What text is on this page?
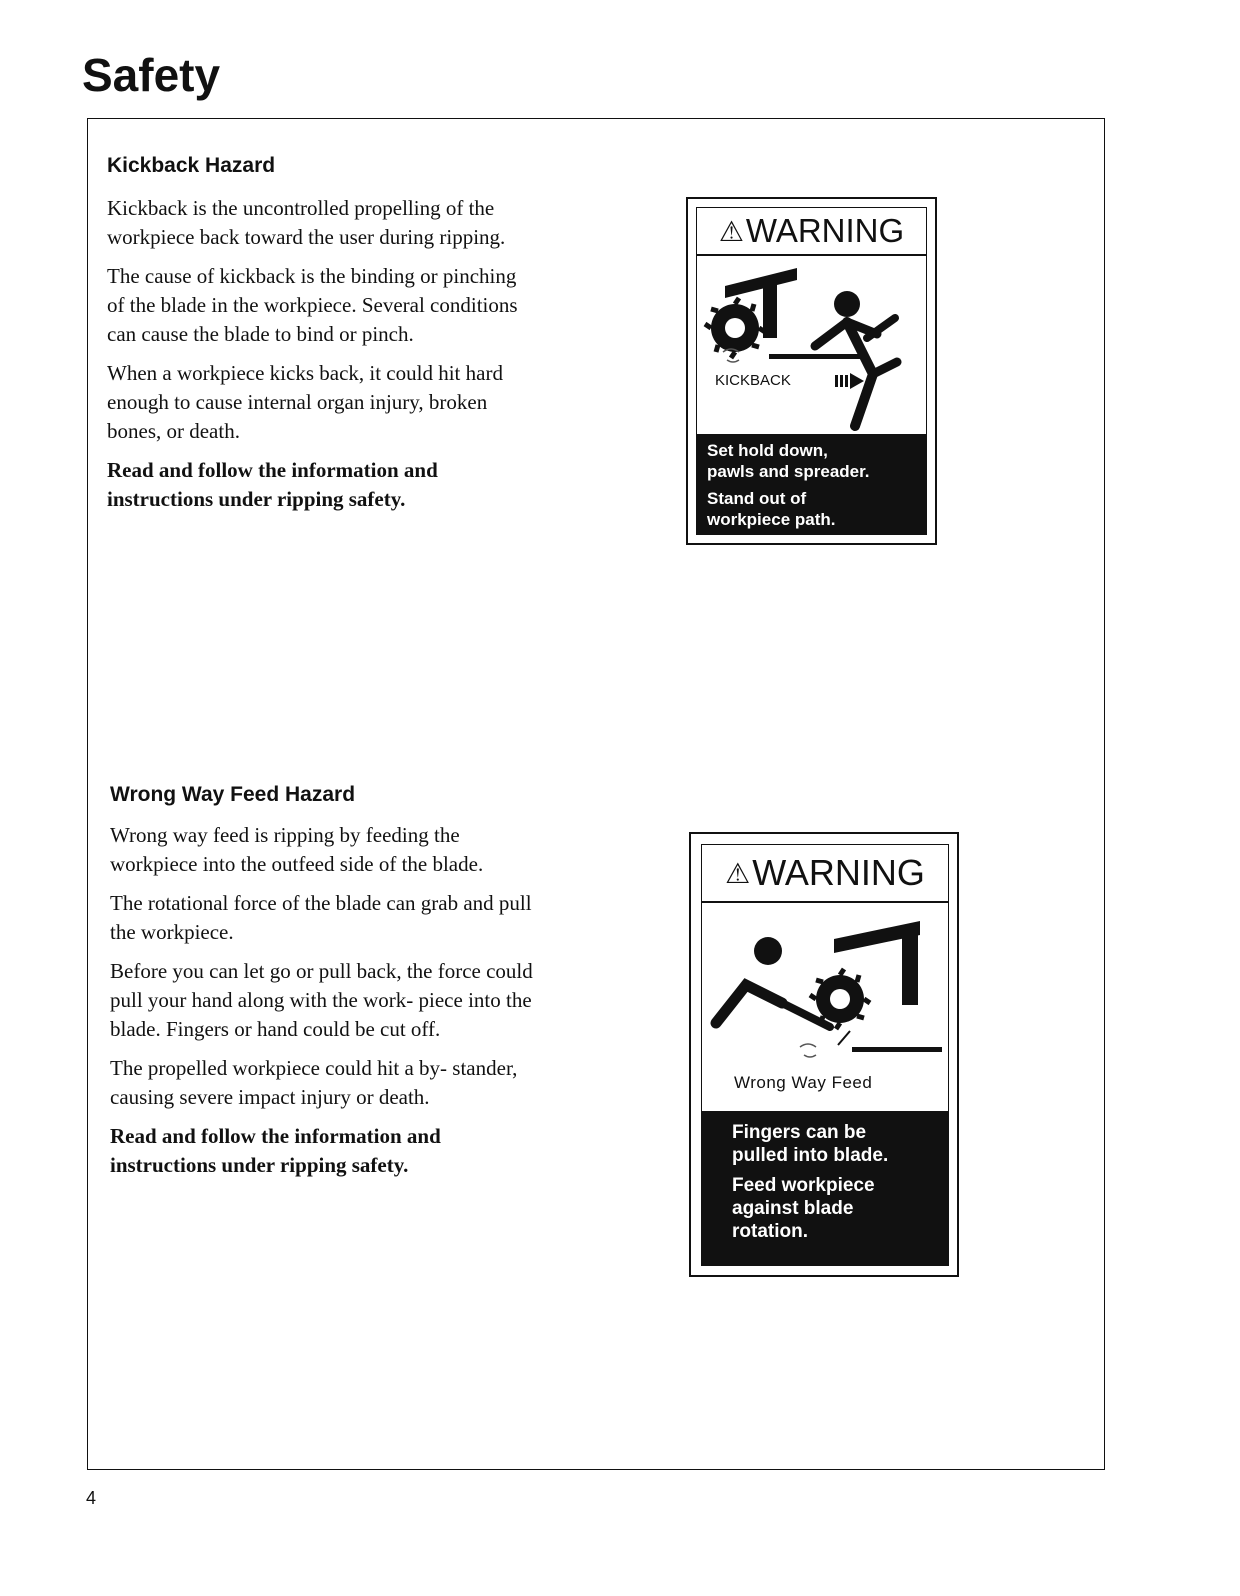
Safety
Kickback Hazard

Kickback is the uncontrolled propelling of the workpiece back toward the user during ripping.

The cause of kickback is the binding or pinching of the blade in the workpiece. Several conditions can cause the blade to bind or pinch.

When a workpiece kicks back, it could hit hard enough to cause internal organ injury, broken bones, or death.

Read and follow the information and instructions under ripping safety.

⚠ WARNING
KICKBACK
Set hold down,
pawls and spreader.
Stand out of
workpiece path.
Wrong Way Feed Hazard

Wrong way feed is ripping by feeding the workpiece into the outfeed side of the blade.

The rotational force of the blade can grab and pull the workpiece.

Before you can let go or pull back, the force could pull your hand along with the work- piece into the blade. Fingers or hand could be cut off.

The propelled workpiece could hit a by- stander, causing severe impact injury or death.

Read and follow the information and instructions under ripping safety.

⚠ WARNING
Wrong Way Feed
Fingers can be
pulled into blade.
Feed workpiece
against blade
rotation.
4
